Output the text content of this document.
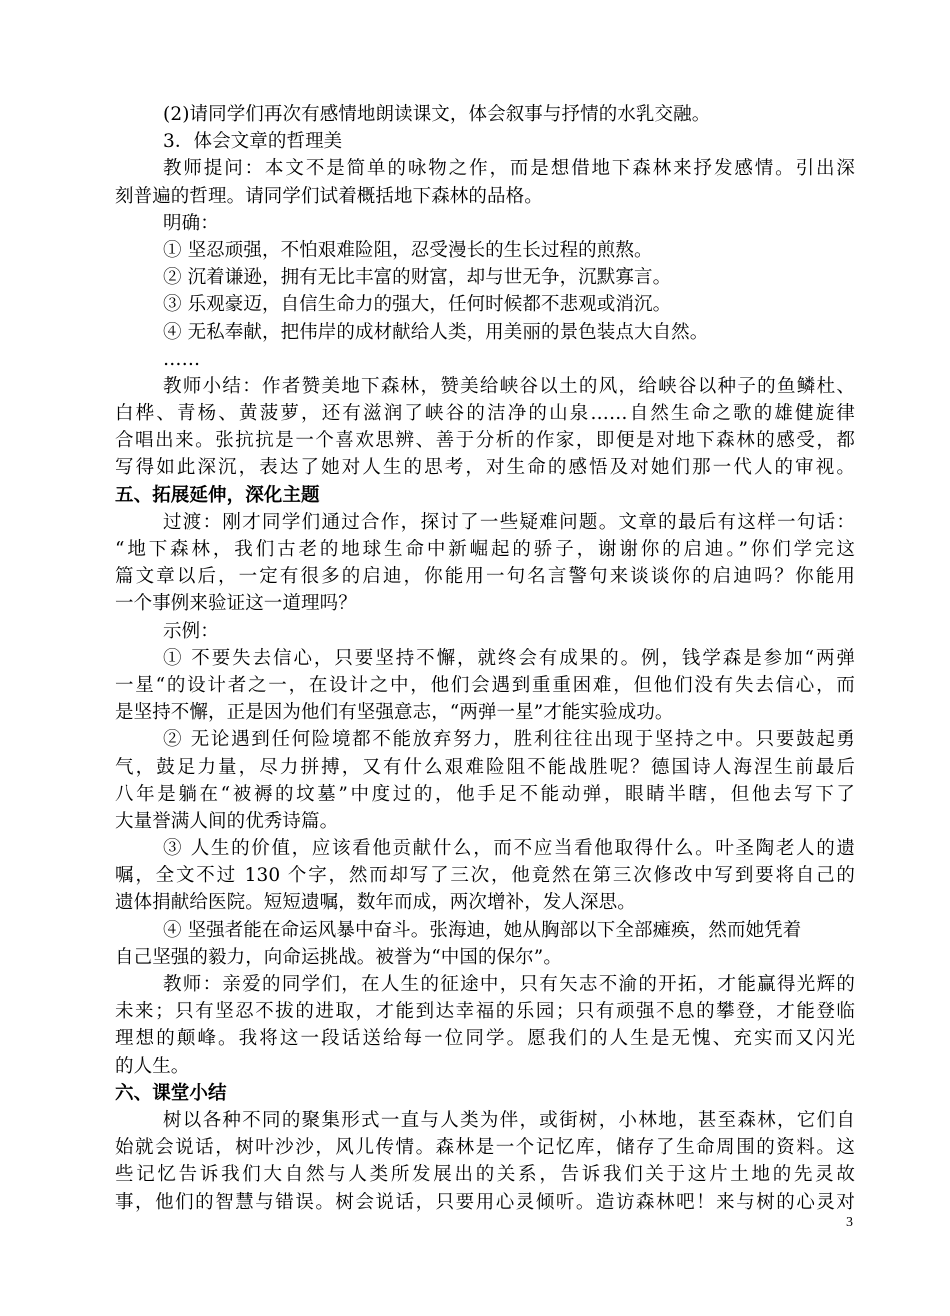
(2)请同学们再次有感情地朗读课文，体会叙事与抒情的水乳交融。
3．体会文章的哲理美
教师提问：本文不是简单的咏物之作，而是想借地下森林来抒发感情。引出深
刻普遍的哲理。请同学们试着概括地下森林的品格。
明确：
① 坚忍顽强，不怕艰难险阻，忍受漫长的生长过程的煎熬。
② 沉着谦逊，拥有无比丰富的财富，却与世无争，沉默寡言。
③ 乐观豪迈，自信生命力的强大，任何时候都不悲观或消沉。
④ 无私奉献，把伟岸的成材献给人类，用美丽的景色装点大自然。
……
教师小结：作者赞美地下森林，赞美给峡谷以土的风，给峡谷以种子的鱼鳞杜、
白桦、青杨、黄菠萝，还有滋润了峡谷的洁净的山泉……自然生命之歌的雄健旋律
合唱出来。张抗抗是一个喜欢思辨、善于分析的作家，即便是对地下森林的感受，都
写得如此深沉，表达了她对人生的思考，对生命的感悟及对她们那一代人的审视。
五、拓展延伸，深化主题
过渡：刚才同学们通过合作，探讨了一些疑难问题。文章的最后有这样一句话：
“地下森林，我们古老的地球生命中新崛起的骄子，谢谢你的启迪。”你们学完这
篇文章以后，一定有很多的启迪，你能用一句名言警句来谈谈你的启迪吗？你能用
一个事例来验证这一道理吗？
示例：
① 不要失去信心，只要坚持不懈，就终会有成果的。例，钱学森是参加“两弹
一星“的设计者之一，在设计之中，他们会遇到重重困难，但他们没有失去信心，而
是坚持不懈，正是因为他们有坚强意志，“两弹一星”才能实验成功。
② 无论遇到任何险境都不能放弃努力，胜利往往出现于坚持之中。只要鼓起勇
气，鼓足力量，尽力拼搏，又有什么艰难险阻不能战胜呢？德国诗人海涅生前最后
八年是躺在“被褥的坟墓”中度过的，他手足不能动弹，眼睛半瞎，但他去写下了
大量誉满人间的优秀诗篇。
③ 人生的价值，应该看他贡献什么，而不应当看他取得什么。叶圣陶老人的遗
嘱，全文不过 130 个字，然而却写了三次，他竟然在第三次修改中写到要将自己的
遗体捐献给医院。短短遗嘱，数年而成，两次增补，发人深思。
④ 坚强者能在命运风暴中奋斗。张海迪，她从胸部以下全部瘫痪，然而她凭着
自己坚强的毅力，向命运挑战。被誉为“中国的保尔”。
教师：亲爱的同学们，在人生的征途中，只有矢志不渝的开拓，才能赢得光辉的
未来；只有坚忍不拔的进取，才能到达幸福的乐园；只有顽强不息的攀登，才能登临
理想的颠峰。我将这一段话送给每一位同学。愿我们的人生是无愧、充实而又闪光
的人生。
六、课堂小结
树以各种不同的聚集形式一直与人类为伴，或街树，小林地，甚至森林，它们自
始就会说话，树叶沙沙，风儿传情。森林是一个记忆库，储存了生命周围的资料。这
些记忆告诉我们大自然与人类所发展出的关系，告诉我们关于这片土地的先灵故
事，他们的智慧与错误。树会说话，只要用心灵倾听。造访森林吧！来与树的心灵对
3
